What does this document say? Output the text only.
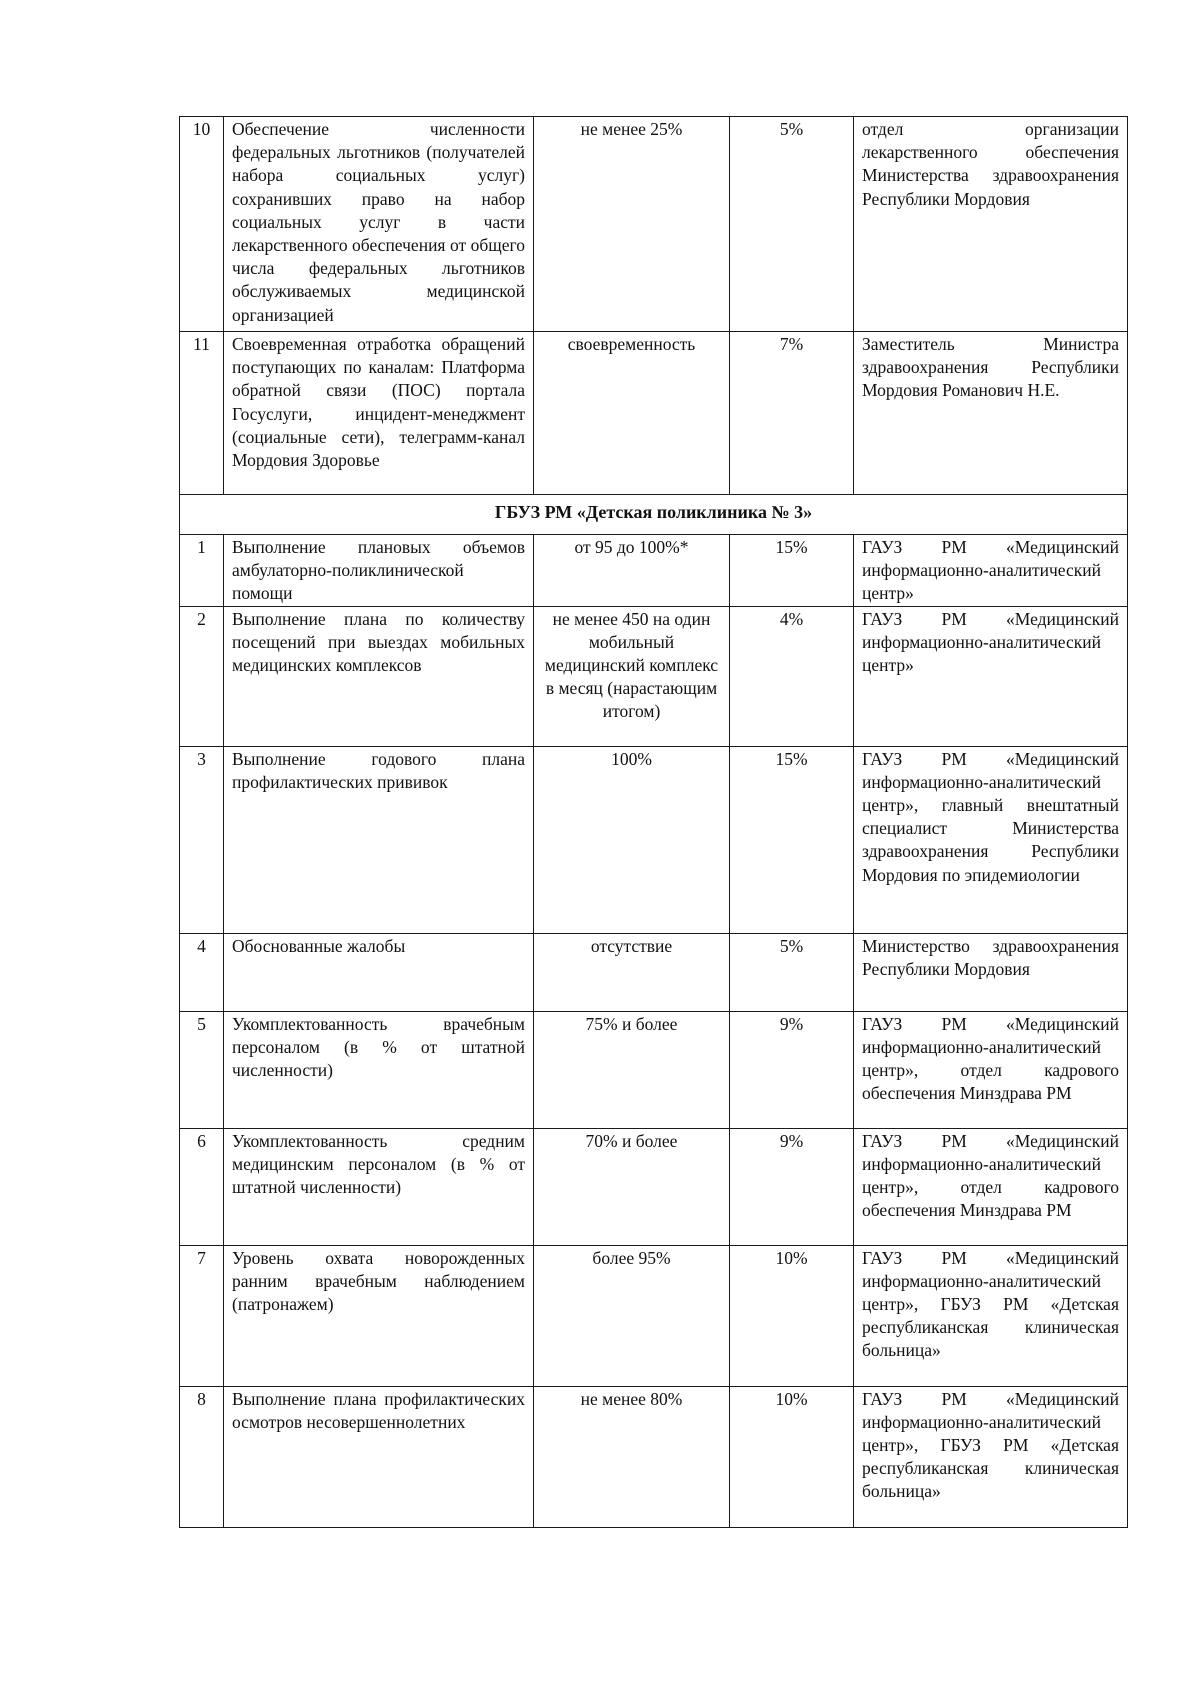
10	Обеспечение численности федеральных льготников (получателей набора социальных услуг) сохранивших право на набор социальных услуг в части лекарственного обеспечения от общего числа федеральных льготников обслуживаемых медицинской организацией	не менее 25%	5%	отдел организации лекарственного обеспечения Министерства здравоохранения Республики Мордовия
11	Своевременная отработка обращений поступающих по каналам: Платформа обратной связи (ПОС) портала Госуслуги, инцидент-менеджмент (социальные сети), телеграмм-канал Мордовия Здоровье	своевременность	7%	Заместитель Министра здравоохранения Республики Мордовия Романович Н.Е.
ГБУЗ РМ «Детская поликлиника № 3»				
1	Выполнение плановых объемов амбулаторно-поликлинической помощи	от 95 до 100%*	15%	ГАУЗ РМ «Медицинский информационно-аналитический центр»
2	Выполнение плана по количеству посещений при выездах мобильных медицинских комплексов	не менее 450 на один мобильный медицинский комплекс в месяц (нарастающим итогом)	4%	ГАУЗ РМ «Медицинский информационно-аналитический центр»
3	Выполнение годового плана профилактических прививок	100%	15%	ГАУЗ РМ «Медицинский информационно-аналитический центр», главный внештатный специалист Министерства здравоохранения Республики Мордовия по эпидемиологии
4	Обоснованные жалобы	отсутствие	5%	Министерство здравоохранения Республики Мордовия
5	Укомплектованность врачебным персоналом (в % от штатной численности)	75% и более	9%	ГАУЗ РМ «Медицинский информационно-аналитический центр», отдел кадрового обеспечения Минздрава РМ
6	Укомплектованность средним медицинским персоналом (в % от штатной численности)	70% и более	9%	ГАУЗ РМ «Медицинский информационно-аналитический центр», отдел кадрового обеспечения Минздрава РМ
7	Уровень охвата новорожденных ранним врачебным наблюдением (патронажем)	более 95%	10%	ГАУЗ РМ «Медицинский информационно-аналитический центр», ГБУЗ РМ «Детская республиканская клиническая больница»
8	Выполнение плана профилактических осмотров несовершеннолетних	не менее 80%	10%	ГАУЗ РМ «Медицинский информационно-аналитический центр», ГБУЗ РМ «Детская республиканская клиническая больница»
